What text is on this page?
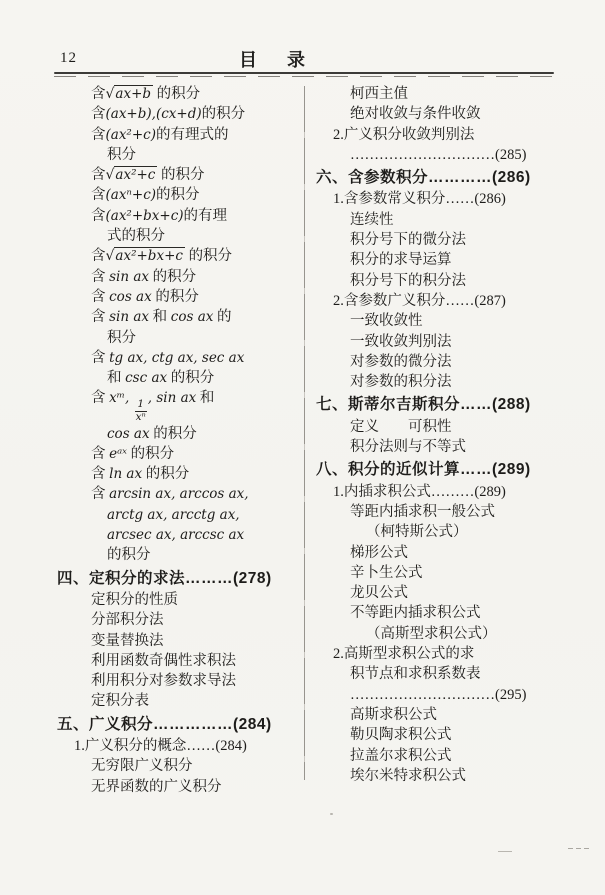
12	目　录
含√ax+b 的积分
含(ax+b),(cx+d)的积分
含(ax²+c)的有理式的
积分
含√ax²+c 的积分
含(axⁿ+c)的积分
含(ax²+bx+c)的有理
式的积分
含√ax²+bx+c 的积分
含 sin ax 的积分
含 cos ax 的积分
含 sin ax 和 cos ax 的
积分
含 tg ax, ctg ax, sec ax
和 csc ax 的积分
含 xᵐ,
$\frac{1}{\text{xⁿ}}$
, sin ax 和
cos ax 的积分
含 eᵃˣ 的积分
含 ln ax 的积分
含 arcsin ax, arccos ax,
arctg ax, arcctg ax,
arcsec ax, arccsc ax
的积分
四、定积分的求法………(278)
定积分的性质
分部积分法
变量替换法
利用函数奇偶性求积法
利用积分对参数求导法
定积分表
五、广义积分……………(284)
1.广义积分的概念……(284)
无穷限广义积分
无界函数的广义积分
柯西主值
绝对收敛与条件收敛
2.广义积分收敛判别法
…………………………(285)
六、含参数积分…………(286)
1.含参数常义积分……(286)
连续性
积分号下的微分法
积分的求导运算
积分号下的积分法
2.含参数广义积分……(287)
一致收敛性
一致收敛判别法
对参数的微分法
对参数的积分法
七、斯蒂尔吉斯积分……(288)
定义　　可积性
积分法则与不等式
八、积分的近似计算……(289)
1.内插求积公式………(289)
等距内插求积一般公式
（柯特斯公式）
梯形公式
辛卜生公式
龙贝公式
不等距内插求积公式
（高斯型求积公式）
2.高斯型求积公式的求
积节点和求积系数表
…………………………(295)
高斯求积公式
勒贝陶求积公式
拉盖尔求积公式
埃尔米特求积公式
